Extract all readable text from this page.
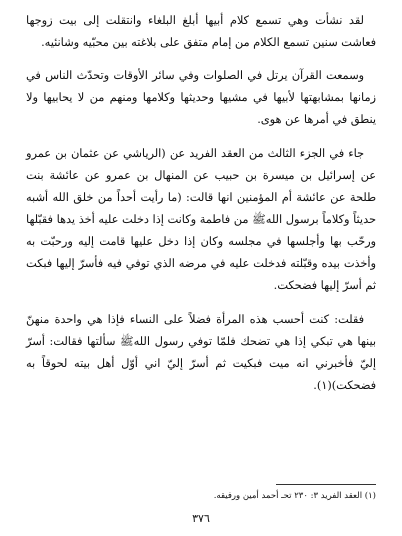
لقد نشأت وهي تسمع كلام أبيها أبلغ البلغاء وانتقلت إلى بيت زوجها فعاشت سنين تسمع الكلام من إمام متفق على بلاغته بين محبّيه وشانئيه.

وسمعت القرآن يرتل في الصلوات وفي سائر الأوقات وتحدّث الناس في زمانها بمشابهتها لأبيها في مشيها وحديثها وكلامها ومنهم من لا يحابيها ولا ينطق في أمرها عن هوى.

جاء في الجزء الثالث من العقد الفريد عن (الرياشي عن عثمان بن عمرو عن إسرائيل بن ميسرة بن حبيب عن المنهال بن عمرو عن عائشة بنت طلحة عن عائشة أم المؤمنين انها قالت: (ما رأيت أحداً من خلق الله أشبه حديثاً وكلاماً برسول اللهﷺ من فاطمة وكانت إذا دخلت عليه أخذ يدها فقبّلها ورحّب بها وأجلسها في مجلسه وكان إذا دخل عليها قامت إليه ورحبّت به وأخذت بيده وقبّلته فدخلت عليه في مرضه الذي توفي فيه فأسرّ إليها فبكت ثم أسرّ إليها فضحكت.

فقلت: كنت أحسب هذه المرأة فضلاً على النساء فإذا هي واحدة منهنّ بينها هي تبكي إذا هي تضحك فلمّا توفي رسول اللهﷺ سألتها فقالت: أسرّ إليّ فأخبرني انه ميت فبكيت ثم أسرّ إليّ اني أوّل أهل بيته لحوقاً به فضحكت)(١).

(١) العقد الفريد ٣: ٢٣٠ تحـ أحمد أمين ورفيقه.
٣٧٦
